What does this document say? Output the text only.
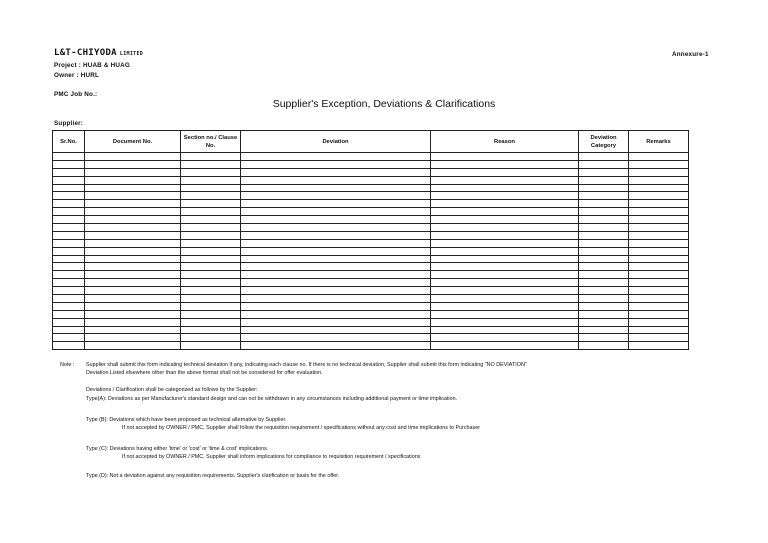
L&T-CHIYODA LIMITED
Project : HUAB & HUAG
Owner : HURL
Annexure-1
PMC Job No.:
Supplier's Exception, Deviations & Clarifications
Supplier:
Sr.No.	Document No.	Section no./ Clause No.	Deviation	Reason	Deviation Category	Remarks

Note : Supplier shall submit this form indicating technical deviation if any, indicating each clause no. If there is no technical deviation, Supplier shall submit this form indicating "NO DEVIATION"
Deviation Listed elsewhere other than the above format shall not be considered for offer evaluation.
Deviations / Clarification shall be categorized as follows by the Supplier:
Type(A): Deviations as per Manufacturer's standard design and can not be withdrawn in any circumstances including additional payment or time implication.
Type (B): Deviations which have been proposed as technical alternative by Supplier.
If not accepted by OWNER / PMC, Supplier shall follow the requisition requirement / specifications without any cost and time implications to Purchaser
Type (C): Deviations having either 'time' or 'cost' or 'time & cost' implications.
If not accepted by OWNER / PMC, Supplier shall inform implications for compliance to requisition requirement / specifications
Type (D): Not a deviation against any requisition requirements. Supplier's clarification or basis for the offer.
